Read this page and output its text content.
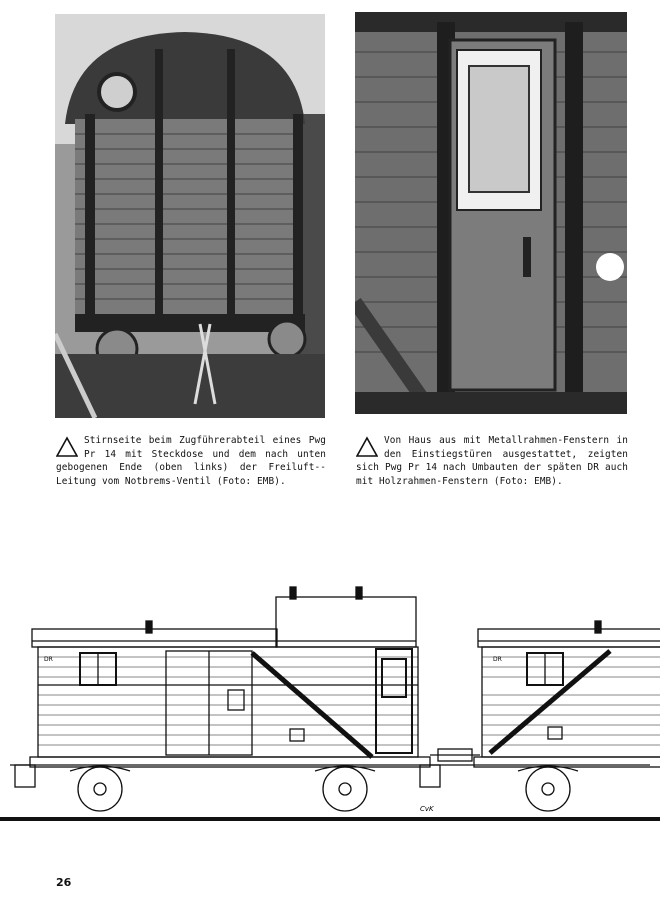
Stirnseite beim Zugführerabteil eines Pwg Pr 14 mit Steckdose und dem nach unten gebogenen Ende (oben links) der Freiluft--Leitung vom Notbrems-Ventil (Foto: EMB).
Von Haus aus mit Metallrahmen-Fenstern in den Einstiegstüren ausgestattet, zeigten sich Pwg Pr 14 nach Umbauten der späten DR auch mit Holzrahmen-Fenstern (Foto: EMB).
DR	DR
CvK
26
